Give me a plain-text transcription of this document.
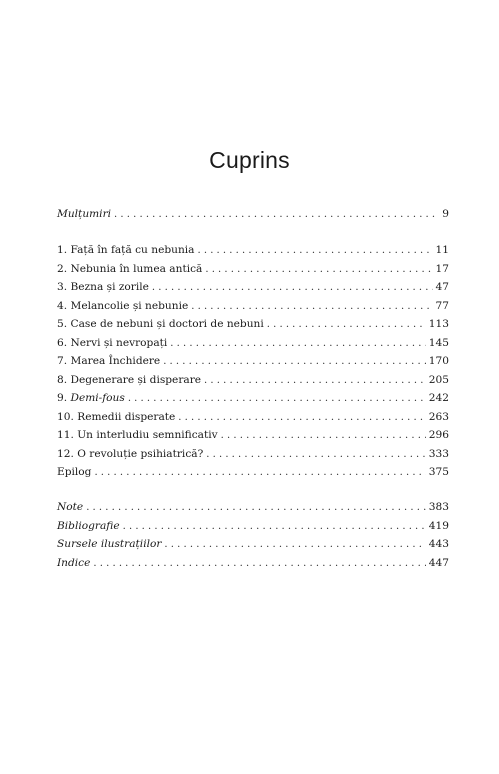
Cuprins
Mulțumiri . . .	9
1. Față în față cu nebunia . . .	11
2. Nebunia în lumea antică . . .	17
3. Bezna și zorile . . .	47
4. Melancolie și nebunie . . .	77
5. Case de nebuni și doctori de nebuni . . .	113
6. Nervi și nevropați . . .	145
7. Marea Închidere . . .	170
8. Degenerare și disperare . . .	205
9. Demi-fous . . .	242
10. Remedii disperate . . .	263
11. Un interludiu semnificativ . . .	296
12. O revoluție psihiatrică? . . .	333
Epilog . . .	375
Note . . .	383
Bibliografie . . .	419
Sursele ilustrațiilor . . .	443
Indice . . .	447
